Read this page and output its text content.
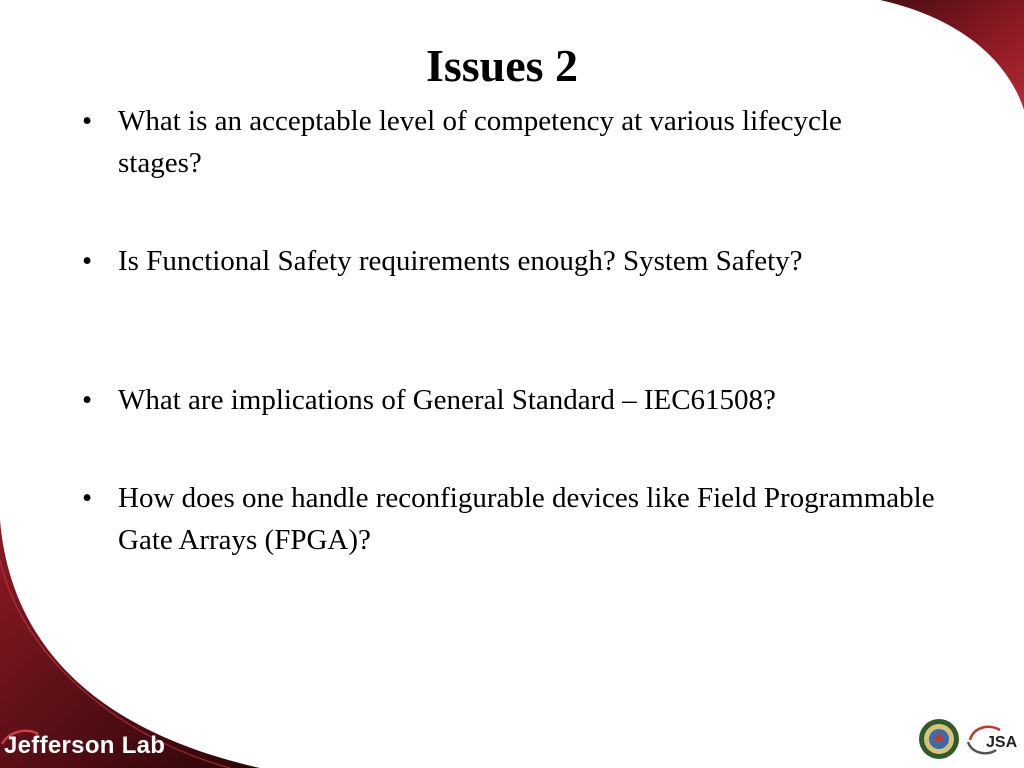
Issues 2
• What is an acceptable level of competency at various lifecycle stages?
• Is Functional Safety requirements enough? System Safety?
• What are implications of General Standard – IEC61508?
• How does one handle reconfigurable devices like Field Programmable Gate Arrays (FPGA)?
Jefferson Lab	JSA
